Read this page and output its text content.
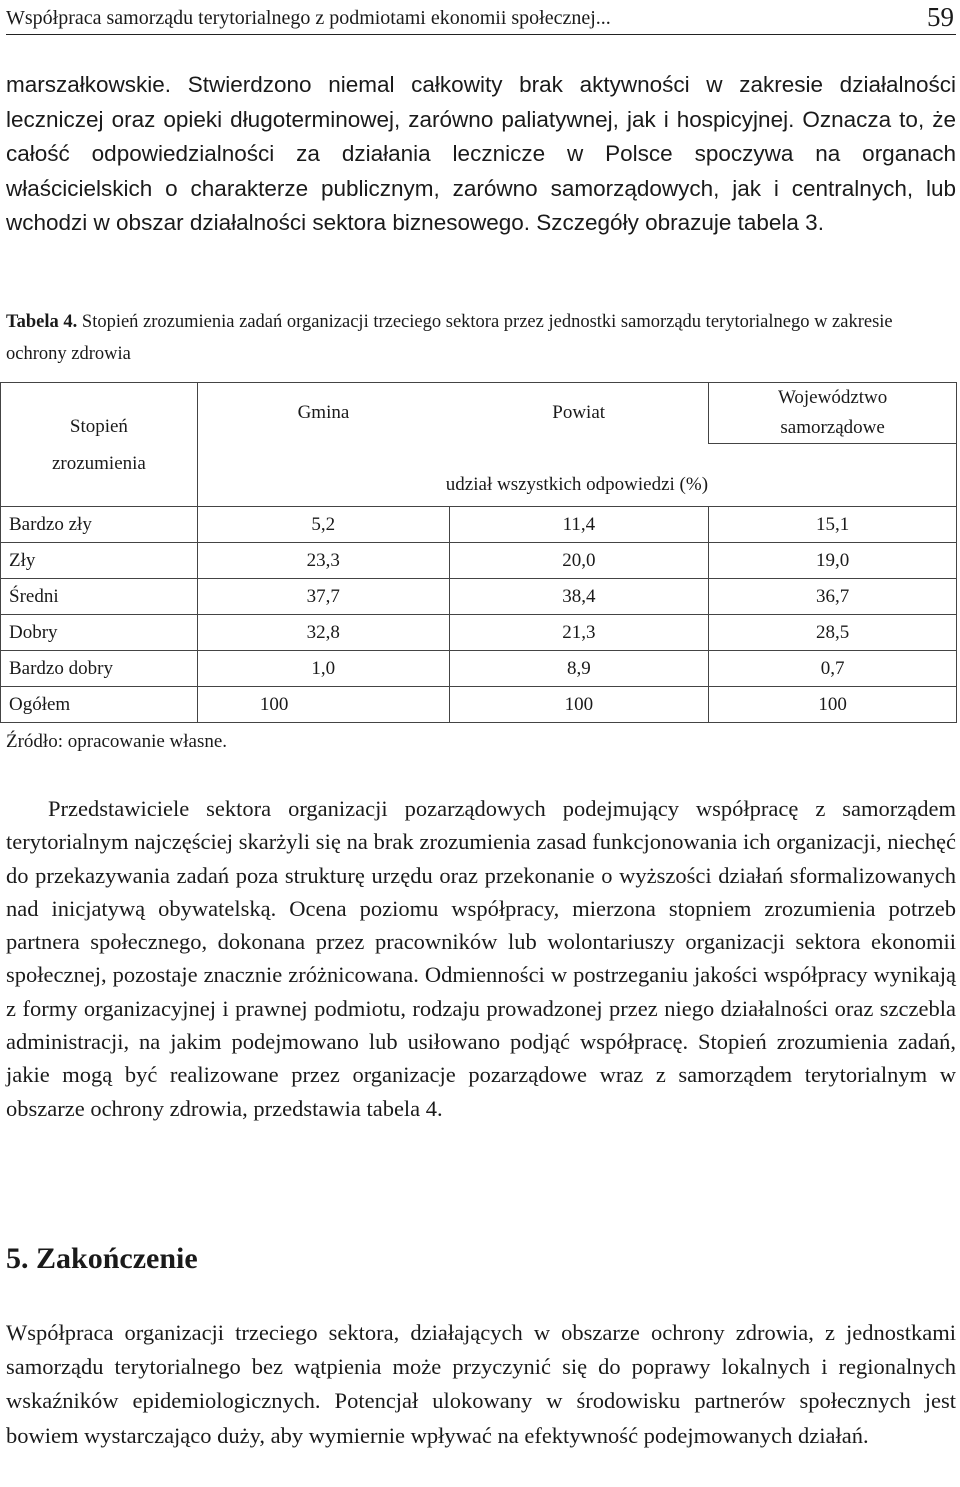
Współpraca samorządu terytorialnego z podmiotami ekonomii społecznej...	59

marszałkowskie. Stwierdzono niemal całkowity brak aktywności w zakresie działalności leczniczej oraz opieki długoterminowej, zarówno paliatywnej, jak i hospicyjnej. Oznacza to, że całość odpowiedzialności za działania lecznicze w Polsce spoczywa na organach właścicielskich o charakterze publicznym, zarówno samorządowych, jak i centralnych, lub wchodzi w obszar działalności sektora biznesowego. Szczegóły obrazuje tabela 3.

Tabela 4. Stopień zrozumienia zadań organizacji trzeciego sektora przez jednostki samorządu terytorialnego w zakresie ochrony zdrowia

Stopień
zrozumienia	Gmina	Powiat	Województwo
samorządowe
	udział wszystkich odpowiedzi (%)		
Bardzo zły	5,2	11,4	15,1
Zły	23,3	20,0	19,0
Średni	37,7	38,4	36,7
Dobry	32,8	21,3	28,5
Bardzo dobry	1,0	8,9	0,7
Ogółem	100	100	100
Źródło: opracowanie własne.

Przedstawiciele sektora organizacji pozarządowych podejmujący współpracę z samorządem terytorialnym najczęściej skarżyli się na brak zrozumienia zasad funkcjonowania ich organizacji, niechęć do przekazywania zadań poza strukturę urzędu oraz przekonanie o wyższości działań sformalizowanych nad inicjatywą obywatelską. Ocena poziomu współpracy, mierzona stopniem zrozumienia potrzeb partnera społecznego, dokonana przez pracowników lub wolontariuszy organizacji sektora ekonomii społecznej, pozostaje znacznie zróżnicowana. Odmienności w postrzeganiu jakości współpracy wynikają z formy organizacyjnej i prawnej podmiotu, rodzaju prowadzonej przez niego działalności oraz szczebla administracji, na jakim podejmowano lub usiłowano podjąć współpracę. Stopień zrozumienia zadań, jakie mogą być realizowane przez organizacje pozarządowe wraz z samorządem terytorialnym w obszarze ochrony zdrowia, przedstawia tabela 4.

5. Zakończenie

Współpraca organizacji trzeciego sektora, działających w obszarze ochrony zdrowia, z jednostkami samorządu terytorialnego bez wątpienia może przyczynić się do poprawy lokalnych i regionalnych wskaźników epidemiologicznych. Potencjał ulokowany w środowisku partnerów społecznych jest bowiem wystarczająco duży, aby wymiernie wpływać na efektywność podejmowanych działań.
